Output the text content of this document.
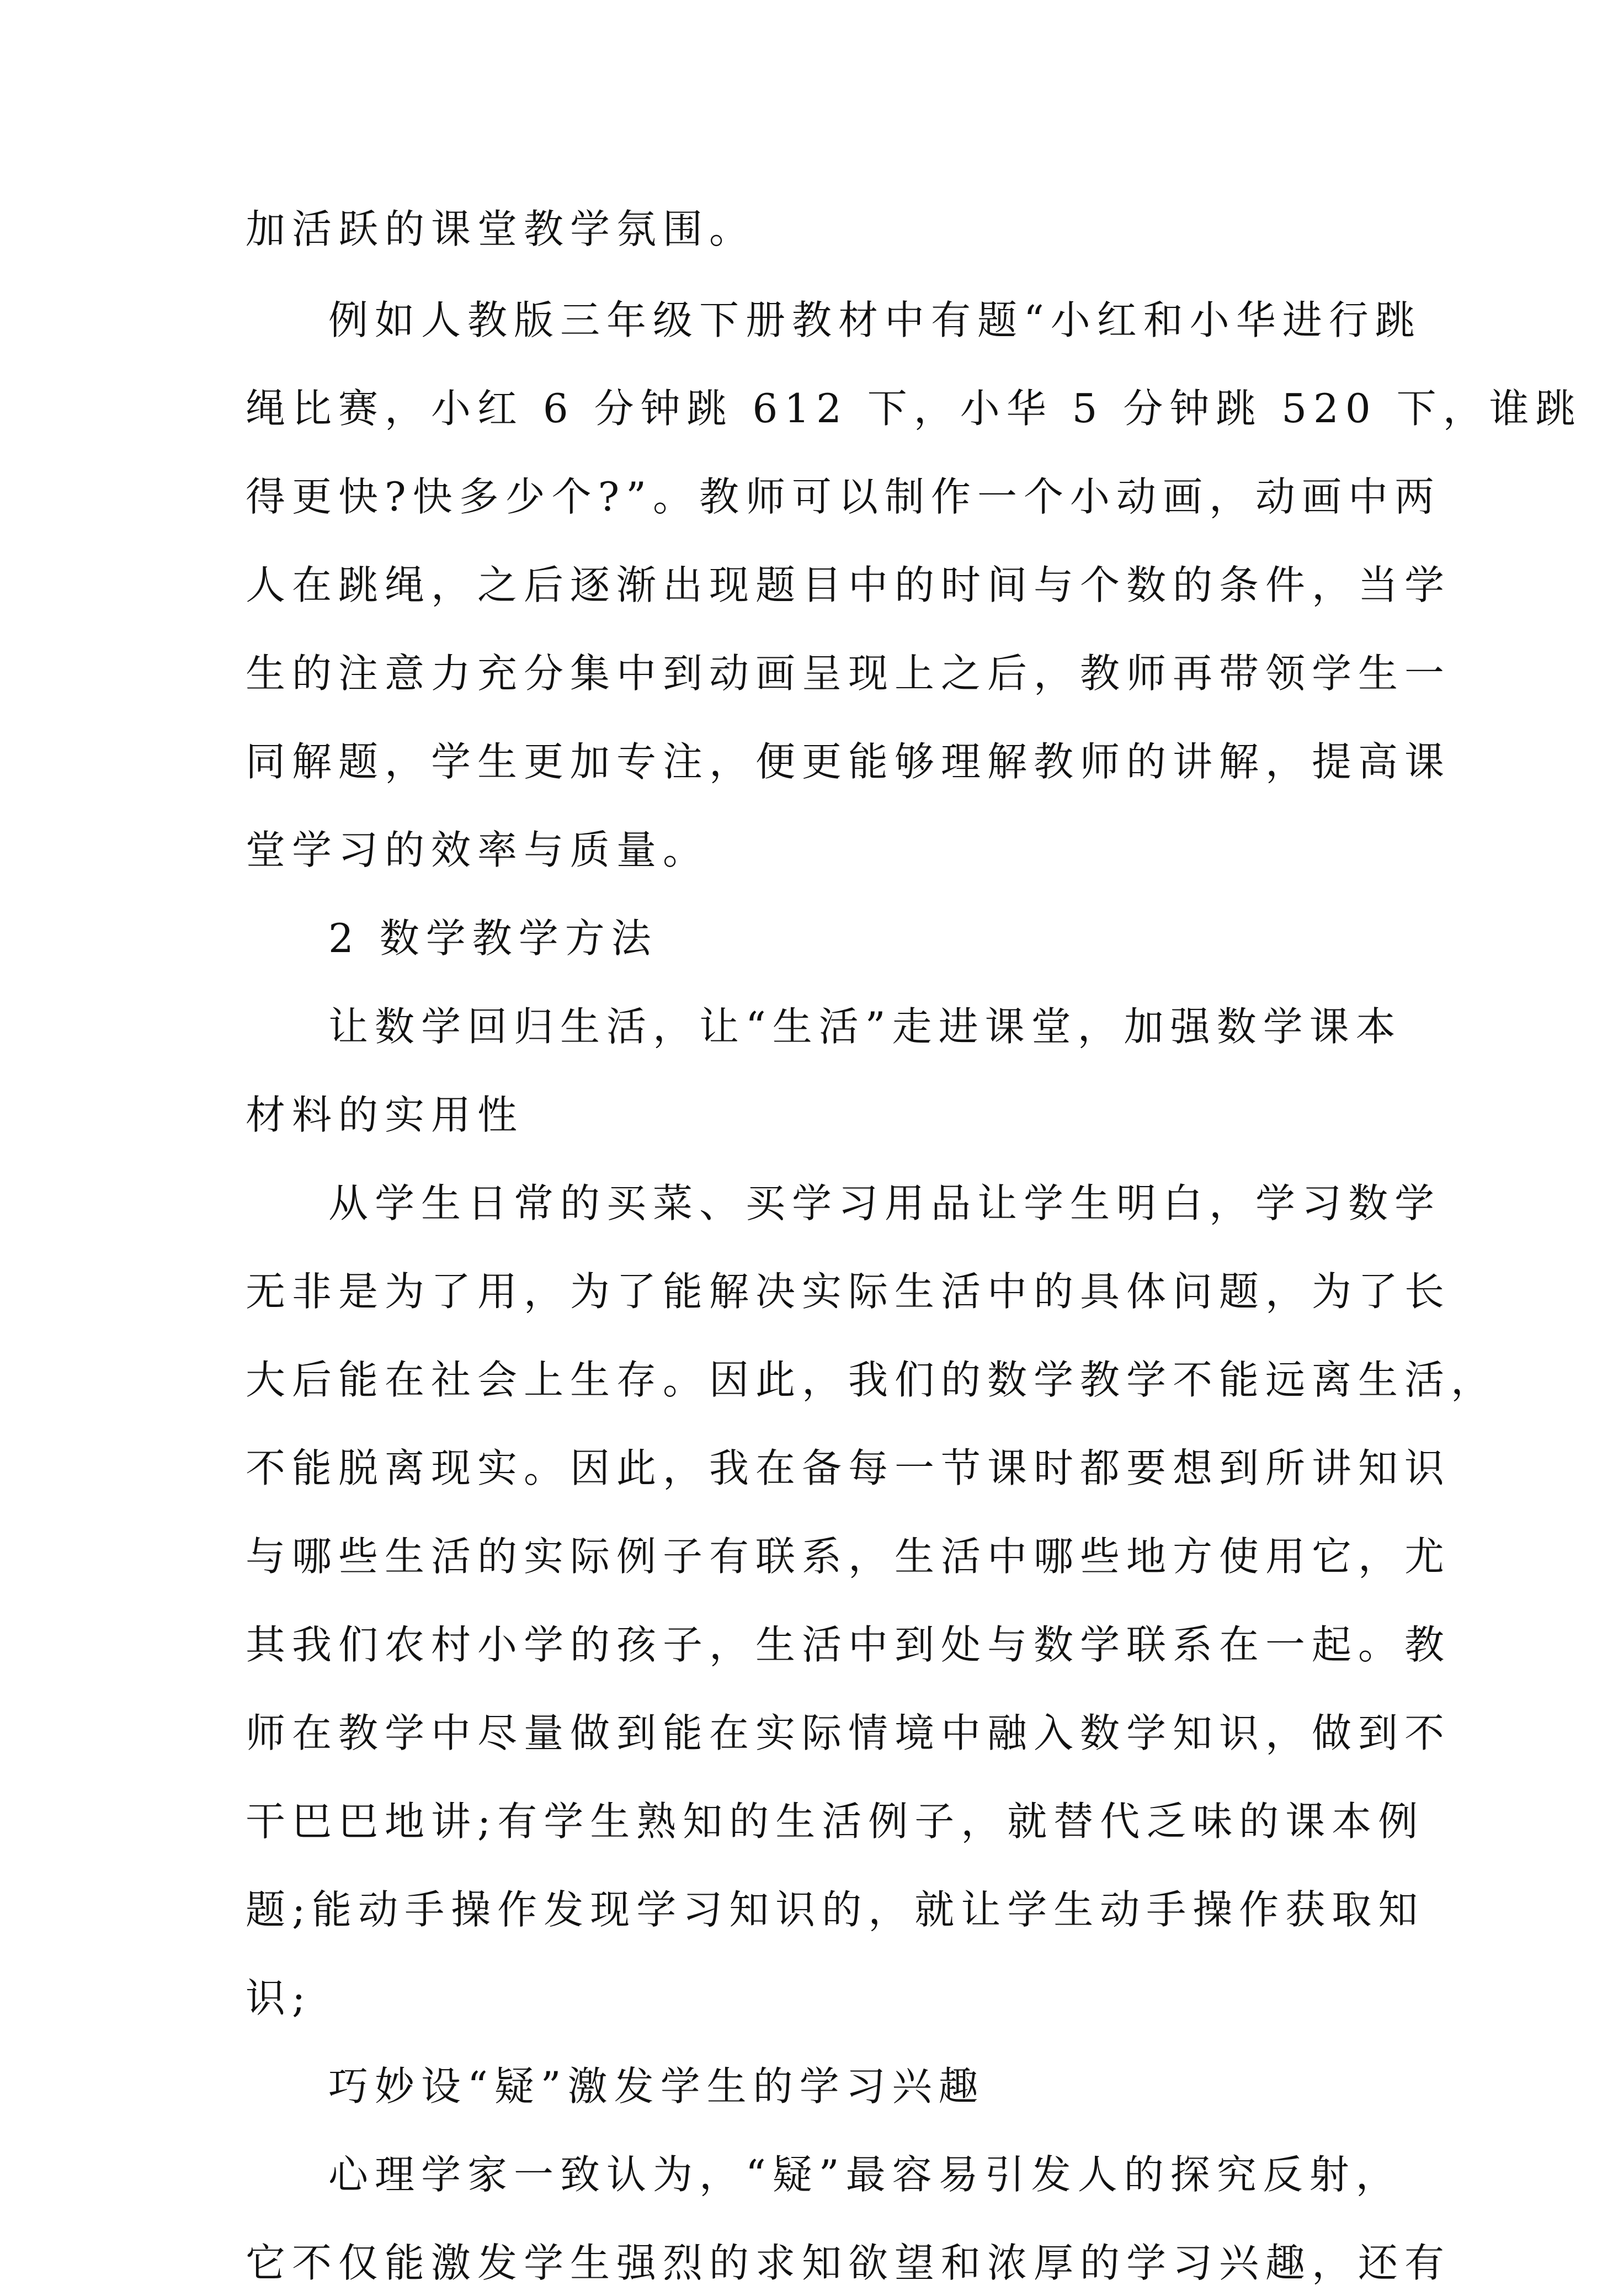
加活跃的课堂教学氛围。
例如人教版三年级下册教材中有题“小红和小华进行跳
绳比赛，小红 6 分钟跳 612 下，小华 5 分钟跳 520 下，谁跳
得更快?快多少个?”。教师可以制作一个小动画，动画中两
人在跳绳，之后逐渐出现题目中的时间与个数的条件，当学
生的注意力充分集中到动画呈现上之后，教师再带领学生一
同解题，学生更加专注，便更能够理解教师的讲解，提高课
堂学习的效率与质量。
2 数学教学方法
让数学回归生活，让“生活”走进课堂，加强数学课本
材料的实用性
从学生日常的买菜、买学习用品让学生明白，学习数学
无非是为了用，为了能解决实际生活中的具体问题，为了长
大后能在社会上生存。因此，我们的数学教学不能远离生活，
不能脱离现实。因此，我在备每一节课时都要想到所讲知识
与哪些生活的实际例子有联系，生活中哪些地方使用它，尤
其我们农村小学的孩子，生活中到处与数学联系在一起。教
师在教学中尽量做到能在实际情境中融入数学知识，做到不
干巴巴地讲;有学生熟知的生活例子，就替代乏味的课本例
题;能动手操作发现学习知识的，就让学生动手操作获取知
识;
巧妙设“疑”激发学生的学习兴趣
心理学家一致认为，“疑”最容易引发人的探究反射，
它不仅能激发学生强烈的求知欲望和浓厚的学习兴趣，还有
